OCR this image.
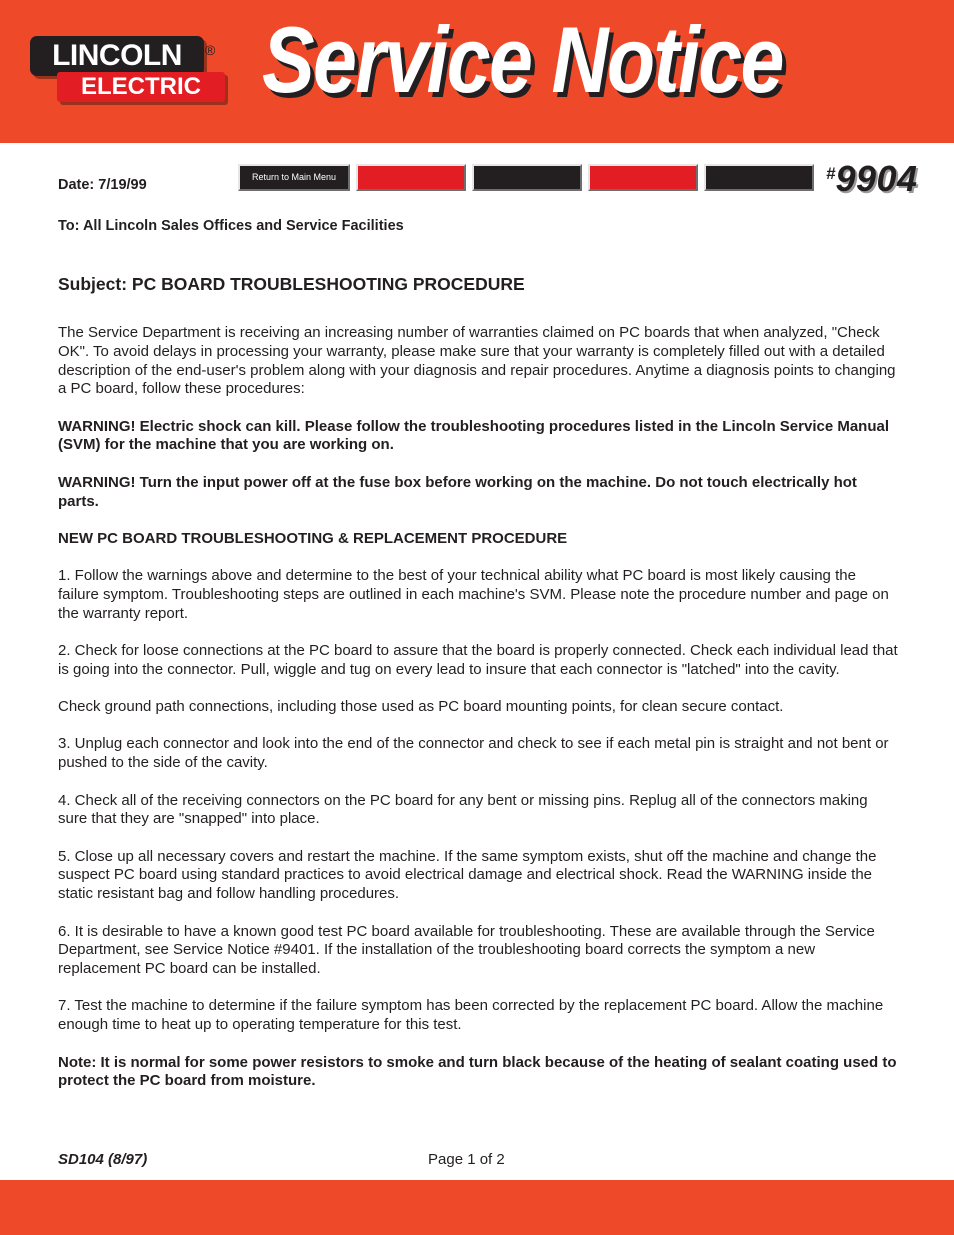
LINCOLN	®
ELECTRIC Service Notice
Return to Main Menu	#9904
Date: 7/19/99
To: All Lincoln Sales Offices and Service Facilities
Subject: PC BOARD TROUBLESHOOTING PROCEDURE

The Service Department is receiving an increasing number of warranties claimed on PC boards that when analyzed, "Check OK". To avoid delays in processing your warranty, please make sure that your warranty is completely filled out with a detailed description of the end-user's problem along with your diagnosis and repair procedures. Anytime a diagnosis points to changing a PC board, follow these procedures:

WARNING! Electric shock can kill. Please follow the troubleshooting procedures listed in the Lincoln Service Manual (SVM) for the machine that you are working on.

WARNING! Turn the input power off at the fuse box before working on the machine. Do not touch electrically hot parts.

NEW PC BOARD TROUBLESHOOTING & REPLACEMENT PROCEDURE

1. Follow the warnings above and determine to the best of your technical ability what PC board is most likely causing the failure symptom. Troubleshooting steps are outlined in each machine's SVM. Please note the procedure number and page on the warranty report.

2. Check for loose connections at the PC board to assure that the board is properly connected. Check each individual lead that is going into the connector. Pull, wiggle and tug on every lead to insure that each connector is "latched" into the cavity.

Check ground path connections, including those used as PC board mounting points, for clean secure contact.

3. Unplug each connector and look into the end of the connector and check to see if each metal pin is straight and not bent or pushed to the side of the cavity.

4. Check all of the receiving connectors on the PC board for any bent or missing pins. Replug all of the connectors making sure that they are "snapped" into place.

5. Close up all necessary covers and restart the machine. If the same symptom exists, shut off the machine and change the suspect PC board using standard practices to avoid electrical damage and electrical shock. Read the WARNING inside the static resistant bag and follow handling procedures.

6. It is desirable to have a known good test PC board available for troubleshooting. These are available through the Service Department, see Service Notice #9401. If the installation of the troubleshooting board corrects the symptom a new replacement PC board can be installed.

7. Test the machine to determine if the failure symptom has been corrected by the replacement PC board. Allow the machine enough time to heat up to operating temperature for this test.

Note: It is normal for some power resistors to smoke and turn black because of the heating of sealant coating used to protect the PC board from moisture.

SD104 (8/97)	Page 1 of 2
